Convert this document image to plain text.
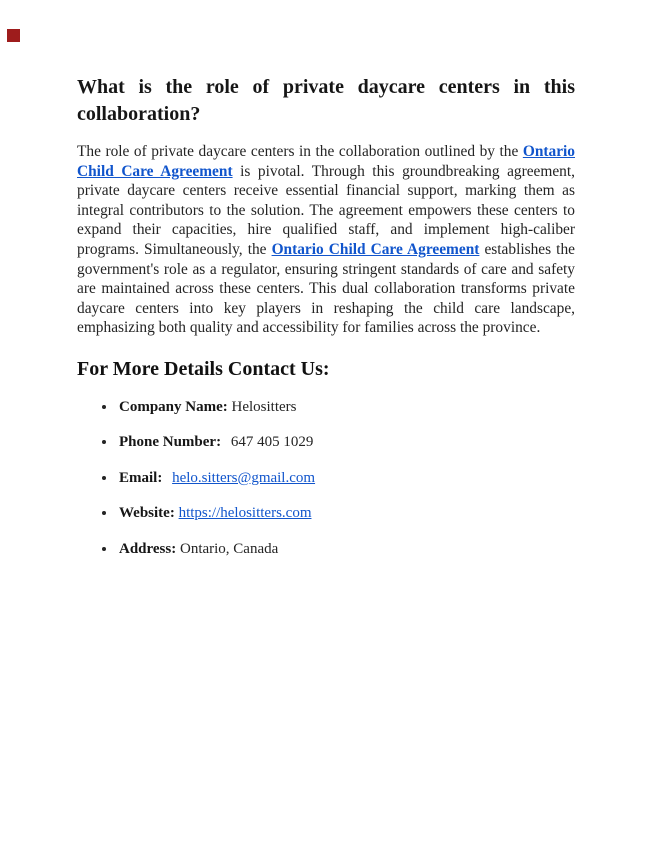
What is the role of private daycare centers in this collaboration?

The role of private daycare centers in the collaboration outlined by the Ontario Child Care Agreement is pivotal. Through this groundbreaking agreement, private daycare centers receive essential financial support, marking them as integral contributors to the solution. The agreement empowers these centers to expand their capacities, hire qualified staff, and implement high-caliber programs. Simultaneously, the Ontario Child Care Agreement establishes the government's role as a regulator, ensuring stringent standards of care and safety are maintained across these centers. This dual collaboration transforms private daycare centers into key players in reshaping the child care landscape, emphasizing both quality and accessibility for families across the province.

For More Details Contact Us:
• Company Name: Helositters
• Phone Number: 647 405 1029
• Email: helo.sitters@gmail.com
• Website: https://helositters.com
• Address: Ontario, Canada
